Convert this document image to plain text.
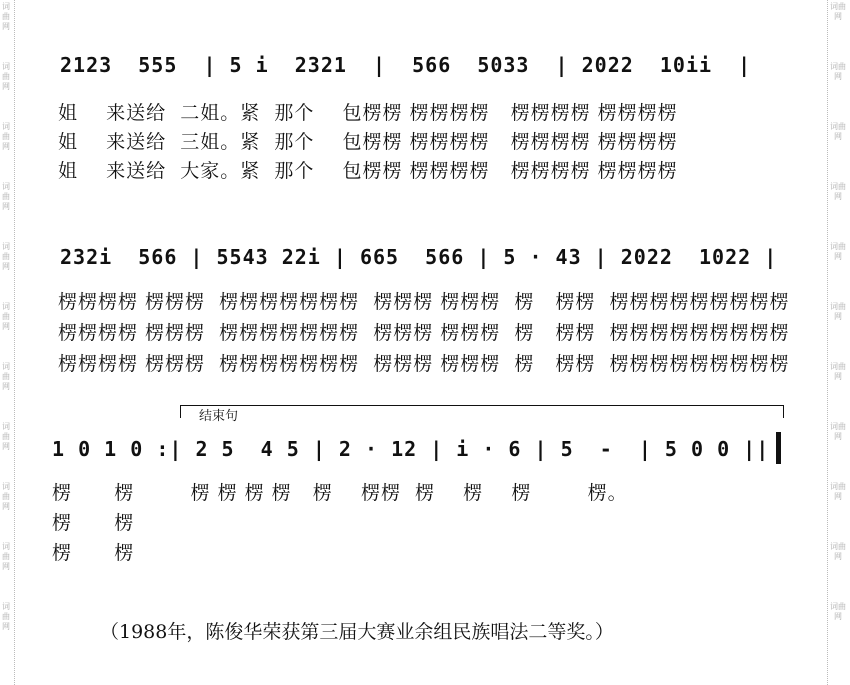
词曲网
词曲网
词曲网
词曲网
词曲网
词曲网
词曲网
词曲网
词曲网
词曲网
词曲网
词曲网
词曲网
词曲网
词曲网
词曲网
词曲网
词曲网
词曲网
词曲网
词曲网
词曲网
2123  555  | 5 i  2321  |  566  5033  | 2022  10ii  |
姐    来送给  二姐。紧  那个    包楞楞 楞楞楞楞   楞楞楞楞 楞楞楞楞
姐    来送给  三姐。紧  那个    包楞楞 楞楞楞楞   楞楞楞楞 楞楞楞楞
姐    来送给  大家。紧  那个    包楞楞 楞楞楞楞   楞楞楞楞 楞楞楞楞
232i  566 | 5543 22i | 665  566 | 5 · 43 | 2022  1022 |
楞楞楞楞 楞楞楞  楞楞楞楞楞楞楞  楞楞楞 楞楞楞  楞   楞楞  楞楞楞楞楞楞楞楞楞
楞楞楞楞 楞楞楞  楞楞楞楞楞楞楞  楞楞楞 楞楞楞  楞   楞楞  楞楞楞楞楞楞楞楞楞
楞楞楞楞 楞楞楞  楞楞楞楞楞楞楞  楞楞楞 楞楞楞  楞   楞楞  楞楞楞楞楞楞楞楞楞
结束句
1 0 1 0 :| 2 5  4 5 | 2 · 12 | i · 6 | 5  -  | 5 0 0 ||
楞      楞        楞 楞 楞 楞   楞    楞楞  楞    楞    楞        楞。
楞      楞
楞      楞
（1988年，陈俊华荣获第三届大赛业余组民族唱法二等奖。）
